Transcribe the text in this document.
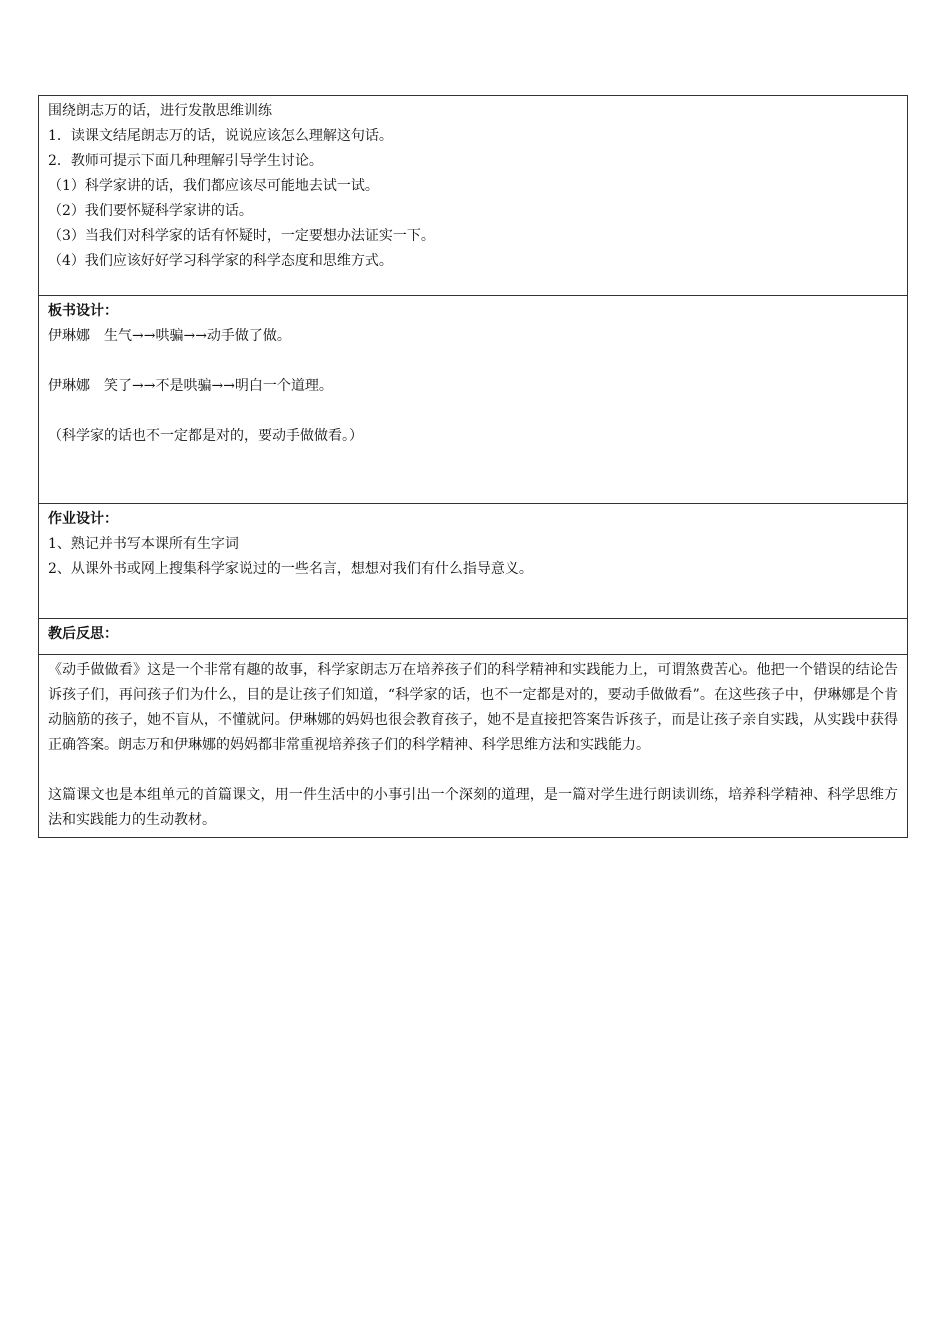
围绕朗志万的话，进行发散思维训练
1．读课文结尾朗志万的话，说说应该怎么理解这句话。
2．教师可提示下面几种理解引导学生讨论。
（1）科学家讲的话，我们都应该尽可能地去试一试。
（2）我们要怀疑科学家讲的话。
（3）当我们对科学家的话有怀疑时，一定要想办法证实一下。
（4）我们应该好好学习科学家的科学态度和思维方式。

板书设计：
伊琳娜　生气→→哄骗→→动手做了做。
伊琳娜　笑了→→不是哄骗→→明白一个道理。
（科学家的话也不一定都是对的，要动手做做看。）

作业设计：
1、熟记并书写本课所有生字词
2、从课外书或网上搜集科学家说过的一些名言，想想对我们有什么指导意义。

教后反思：

《动手做做看》这是一个非常有趣的故事，科学家朗志万在培养孩子们的科学精神和实践能力上，可谓煞费苦心。他把一个错误的结论告诉孩子们，再问孩子们为什么，目的是让孩子们知道，“科学家的话，也不一定都是对的，要动手做做看”。在这些孩子中，伊琳娜是个肯动脑筋的孩子，她不盲从，不懂就问。伊琳娜的妈妈也很会教育孩子，她不是直接把答案告诉孩子，而是让孩子亲自实践，从实践中获得正确答案。朗志万和伊琳娜的妈妈都非常重视培养孩子们的科学精神、科学思维方法和实践能力。
这篇课文也是本组单元的首篇课文，用一件生活中的小事引出一个深刻的道理，是一篇对学生进行朗读训练，培养科学精神、科学思维方法和实践能力的生动教材。
